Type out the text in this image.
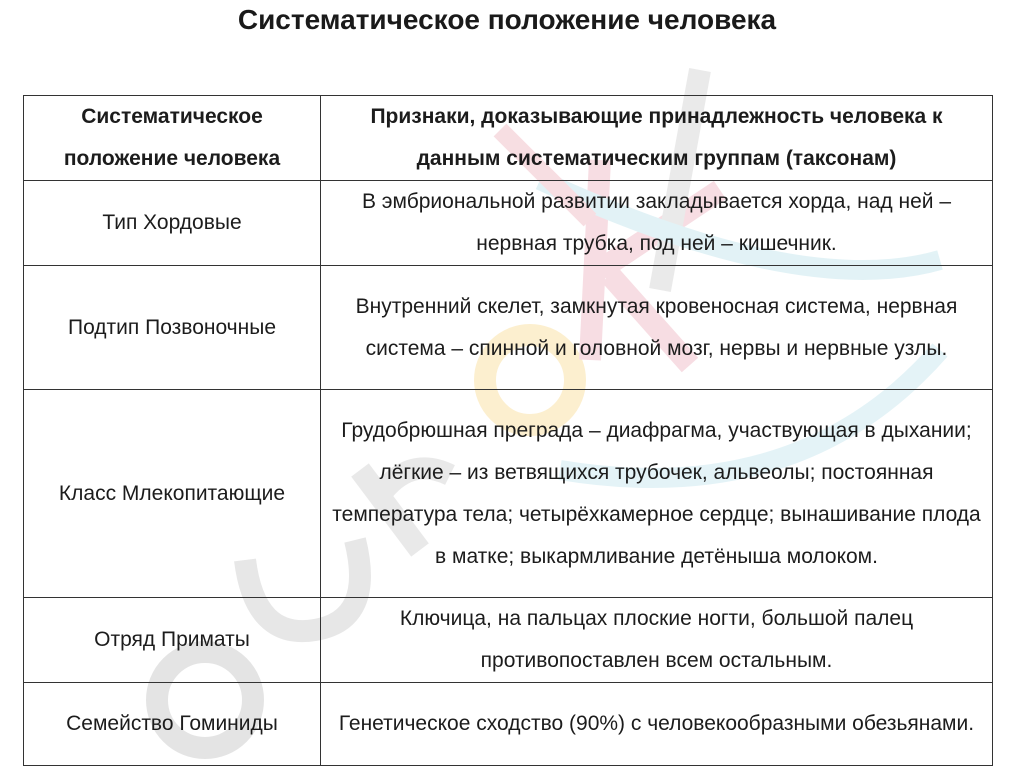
Систематическое положение человека
Систематическое положение человека	Признаки, доказывающие принадлежность человека к данным систематическим группам (таксонам)

Тип Хордовые	В эмбриональной развитии закладывается хорда, над ней – нервная трубка, под ней – кишечник.
Подтип Позвоночные	Внутренний скелет, замкнутая кровеносная система, нервная система – спинной и головной мозг, нервы и нервные узлы.
Класс Млекопитающие	Грудобрюшная преграда – диафрагма, участвующая в дыхании; лёгкие – из ветвящихся трубочек, альвеолы; постоянная температура тела; четырёхкамерное сердце; вынашивание плода в матке; выкармливание детёныша молоком.
Отряд Приматы	Ключица, на пальцах плоские ногти, большой палец противопоставлен всем остальным.
Семейство Гоминиды	Генетическое сходство (90%) с человекообразными обезьянами.
